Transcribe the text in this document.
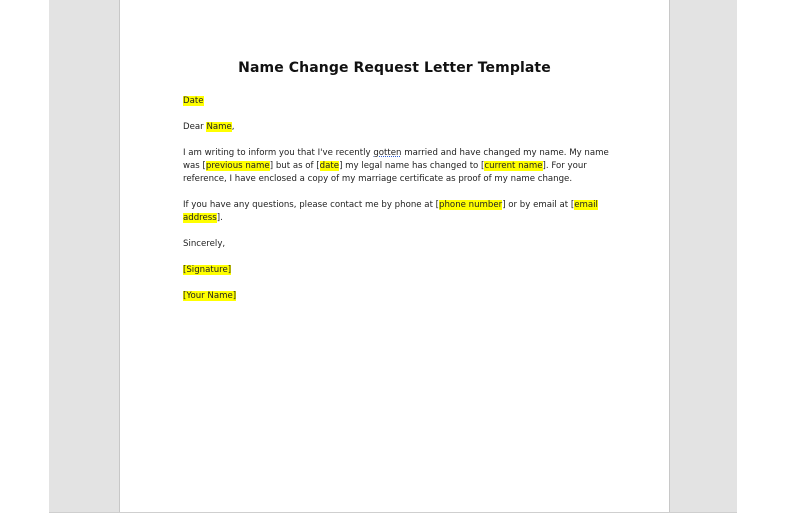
Name Change Request Letter Template

Date

Dear Name,

I am writing to inform you that I've recently gotten married and have changed my name. My name was [previous name] but as of [date] my legal name has changed to [current name]. For your reference, I have enclosed a copy of my marriage certificate as proof of my name change.

If you have any questions, please contact me by phone at [phone number] or by email at [email address].

Sincerely,

[Signature]

[Your Name]
